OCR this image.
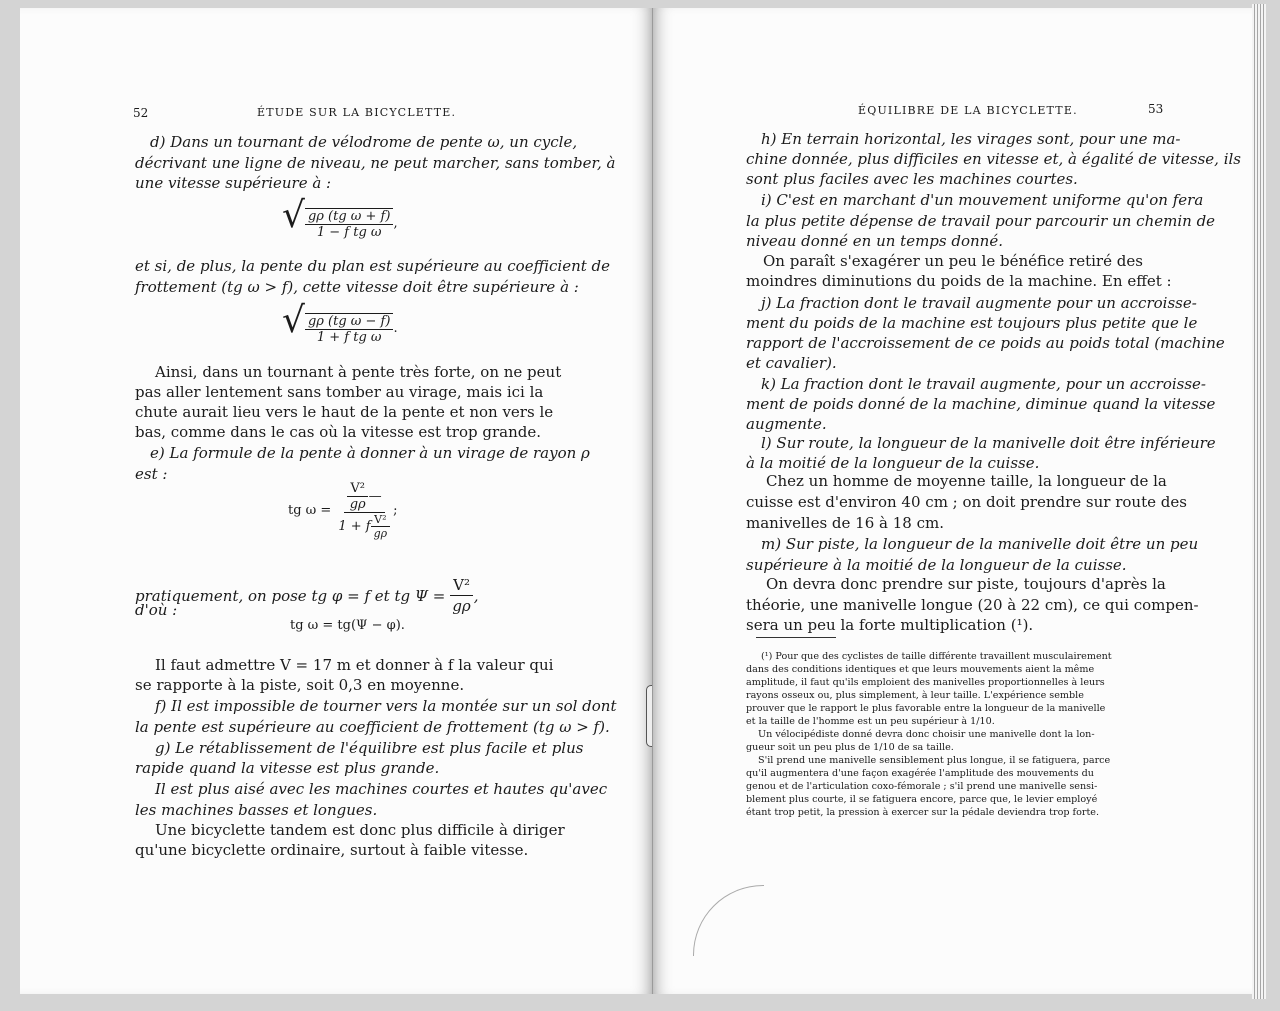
52	ÉTUDE SUR LA BICYCLETTE.
d) Dans un tournant de vélodrome de pente ω, un cycle,
décrivant une ligne de niveau, ne peut marcher, sans tomber, à
une vitesse supérieure à :
√ $\frac{\text{gρ (tg ω + f)}}{\text{1 − f tg ω}}$ ,
et si, de plus, la pente du plan est supérieure au coefficient de
frottement (tg ω > f), cette vitesse doit être supérieure à :
√ $\frac{\text{gρ (tg ω − f)}}{\text{1 + f tg ω}}$ .
Ainsi, dans un tournant à pente très forte, on ne peut
pas aller lentement sans tomber au virage, mais ici la
chute aurait lieu vers le haut de la pente et non vers le
bas, comme dans le cas où la vitesse est trop grande.
e) La formule de la pente à donner à un virage de rayon ρ
est :
tg $\omega = \frac{\frac{\text{V²}}{g\rho} —}{1 + f \frac{\text{V²}}{g\rho}}$ ;
pratiquement, on pose tg φ = f et tg $\Psi = \frac{\text{V²}}{g\rho}$ ,
d'où :
tg ω = tg(Ψ − φ).
Il faut admettre V = 17 m et donner à f la valeur qui
se rapporte à la piste, soit 0,3 en moyenne.
f) Il est impossible de tourner vers la montée sur un sol dont
la pente est supérieure au coefficient de frottement (tg ω > f).
g) Le rétablissement de l'équilibre est plus facile et plus
rapide quand la vitesse est plus grande.
Il est plus aisé avec les machines courtes et hautes qu'avec
les machines basses et longues.
Une bicyclette tandem est donc plus difficile à diriger
qu'une bicyclette ordinaire, surtout à faible vitesse.
ÉQUILIBRE DE LA BICYCLETTE.	53
h) En terrain horizontal, les virages sont, pour une ma-
chine donnée, plus difficiles en vitesse et, à égalité de vitesse, ils
sont plus faciles avec les machines courtes.
i) C'est en marchant d'un mouvement uniforme qu'on fera
la plus petite dépense de travail pour parcourir un chemin de
niveau donné en un temps donné.
On paraît s'exagérer un peu le bénéfice retiré des
moindres diminutions du poids de la machine. En effet :
j) La fraction dont le travail augmente pour un accroisse-
ment du poids de la machine est toujours plus petite que le
rapport de l'accroissement de ce poids au poids total (machine
et cavalier).
k) La fraction dont le travail augmente, pour un accroisse-
ment de poids donné de la machine, diminue quand la vitesse
augmente.
l) Sur route, la longueur de la manivelle doit être inférieure
à la moitié de la longueur de la cuisse.
Chez un homme de moyenne taille, la longueur de la
cuisse est d'environ 40 cm ; on doit prendre sur route des
manivelles de 16 à 18 cm.
m) Sur piste, la longueur de la manivelle doit être un peu
supérieure à la moitié de la longueur de la cuisse.
On devra donc prendre sur piste, toujours d'après la
théorie, une manivelle longue (20 à 22 cm), ce qui compen-
sera un peu la forte multiplication (¹).
(¹) Pour que des cyclistes de taille différente travaillent musculairement
dans des conditions identiques et que leurs mouvements aient la même
amplitude, il faut qu'ils emploient des manivelles proportionnelles à leurs
rayons osseux ou, plus simplement, à leur taille. L'expérience semble
prouver que le rapport le plus favorable entre la longueur de la manivelle
et la taille de l'homme est un peu supérieur à 1/10.
Un vélocipédiste donné devra donc choisir une manivelle dont la lon-
gueur soit un peu plus de 1/10 de sa taille.
S'il prend une manivelle sensiblement plus longue, il se fatiguera, parce
qu'il augmentera d'une façon exagérée l'amplitude des mouvements du
genou et de l'articulation coxo-fémorale ; s'il prend une manivelle sensi-
blement plus courte, il se fatiguera encore, parce que, le levier employé
étant trop petit, la pression à exercer sur la pédale deviendra trop forte.
